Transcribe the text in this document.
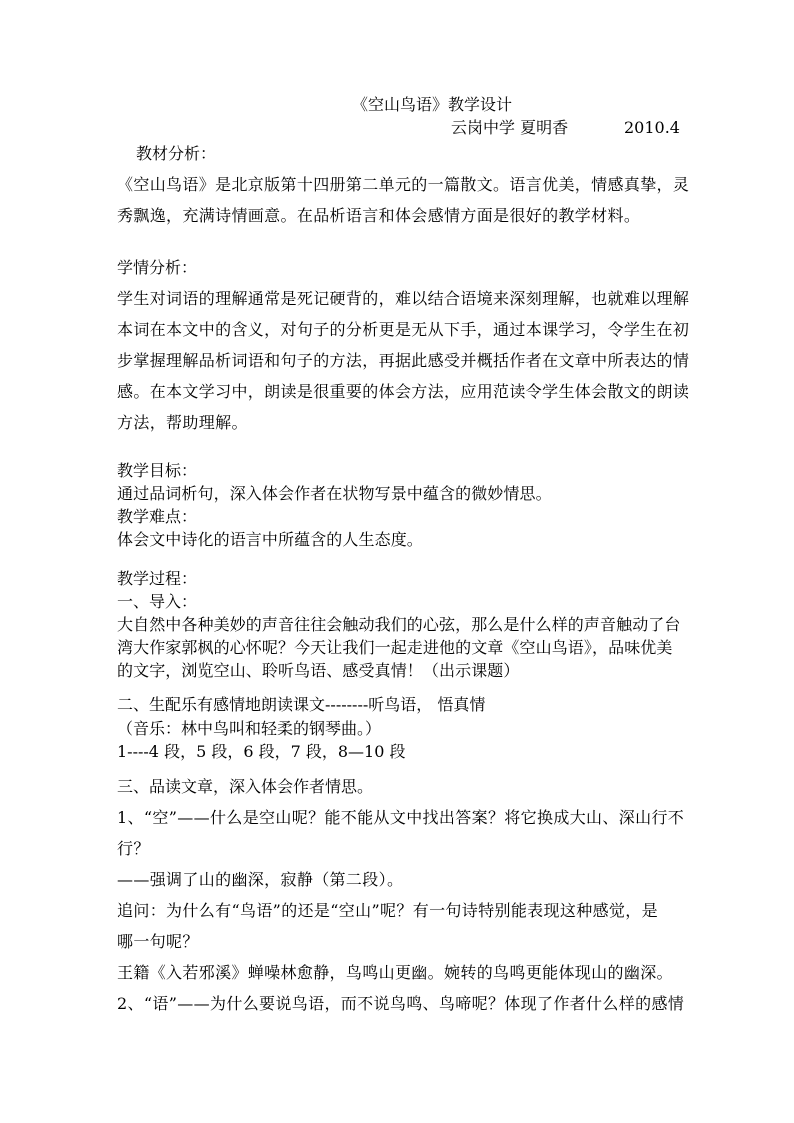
《空山鸟语》教学设计
云岗中学 夏明香	2010.4
教材分析：
《空山鸟语》是北京版第十四册第二单元的一篇散文。语言优美，情感真挚，灵
秀飘逸，充满诗情画意。在品析语言和体会感情方面是很好的教学材料。
学情分析：
学生对词语的理解通常是死记硬背的，难以结合语境来深刻理解，也就难以理解
本词在本文中的含义，对句子的分析更是无从下手，通过本课学习，令学生在初
步掌握理解品析词语和句子的方法，再据此感受并概括作者在文章中所表达的情
感。在本文学习中，朗读是很重要的体会方法，应用范读令学生体会散文的朗读
方法，帮助理解。
教学目标：
通过品词析句，深入体会作者在状物写景中蕴含的微妙情思。
教学难点：
体会文中诗化的语言中所蕴含的人生态度。
教学过程：
一、导入：
大自然中各种美妙的声音往往会触动我们的心弦，那么是什么样的声音触动了台
湾大作家郭枫的心怀呢？今天让我们一起走进他的文章《空山鸟语》，品味优美
的文字，浏览空山、聆听鸟语、感受真情！（出示课题）
二、生配乐有感情地朗读课文--------听鸟语， 悟真情
（音乐：林中鸟叫和轻柔的钢琴曲。）
1----4 段，5 段，6 段，7 段，8—10 段
三、品读文章，深入体会作者情思。
1、“空”——什么是空山呢？能不能从文中找出答案？将它换成大山、深山行不
行？
——强调了山的幽深，寂静（第二段）。
追问：为什么有“鸟语”的还是“空山”呢？有一句诗特别能表现这种感觉，是
哪一句呢？
王籍《入若邪溪》蝉噪林愈静，鸟鸣山更幽。婉转的鸟鸣更能体现山的幽深。
2、“语”——为什么要说鸟语，而不说鸟鸣、鸟啼呢？体现了作者什么样的感情
